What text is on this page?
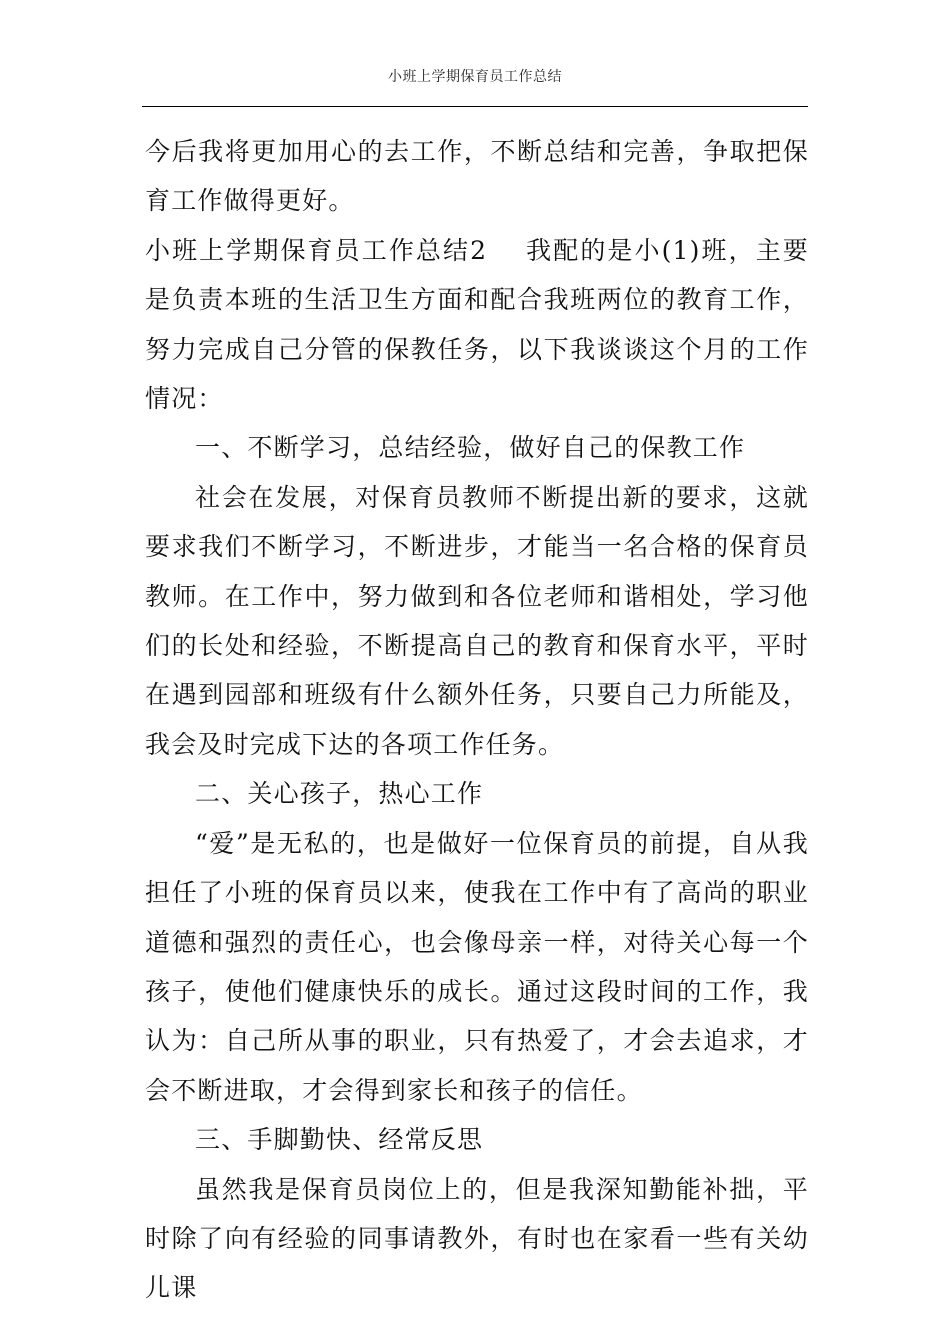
小班上学期保育员工作总结

今后我将更加用心的去工作，不断总结和完善，争取把保育工作做得更好。

小班上学期保育员工作总结2 我配的是小(1)班，主要是负责本班的生活卫生方面和配合我班两位的教育工作，努力完成自己分管的保教任务，以下我谈谈这个月的工作情况：

一、不断学习，总结经验，做好自己的保教工作

社会在发展，对保育员教师不断提出新的要求，这就要求我们不断学习，不断进步，才能当一名合格的保育员教师。在工作中，努力做到和各位老师和谐相处，学习他们的长处和经验，不断提高自己的教育和保育水平，平时在遇到园部和班级有什么额外任务，只要自己力所能及，我会及时完成下达的各项工作任务。

二、关心孩子，热心工作

“爱”是无私的，也是做好一位保育员的前提，自从我担任了小班的保育员以来，使我在工作中有了高尚的职业道德和强烈的责任心，也会像母亲一样，对待关心每一个孩子，使他们健康快乐的成长。通过这段时间的工作，我认为：自己所从事的职业，只有热爱了，才会去追求，才会不断进取，才会得到家长和孩子的信任。

三、手脚勤快、经常反思

虽然我是保育员岗位上的，但是我深知勤能补拙，平时除了向有经验的同事请教外，有时也在家看一些有关幼儿课
